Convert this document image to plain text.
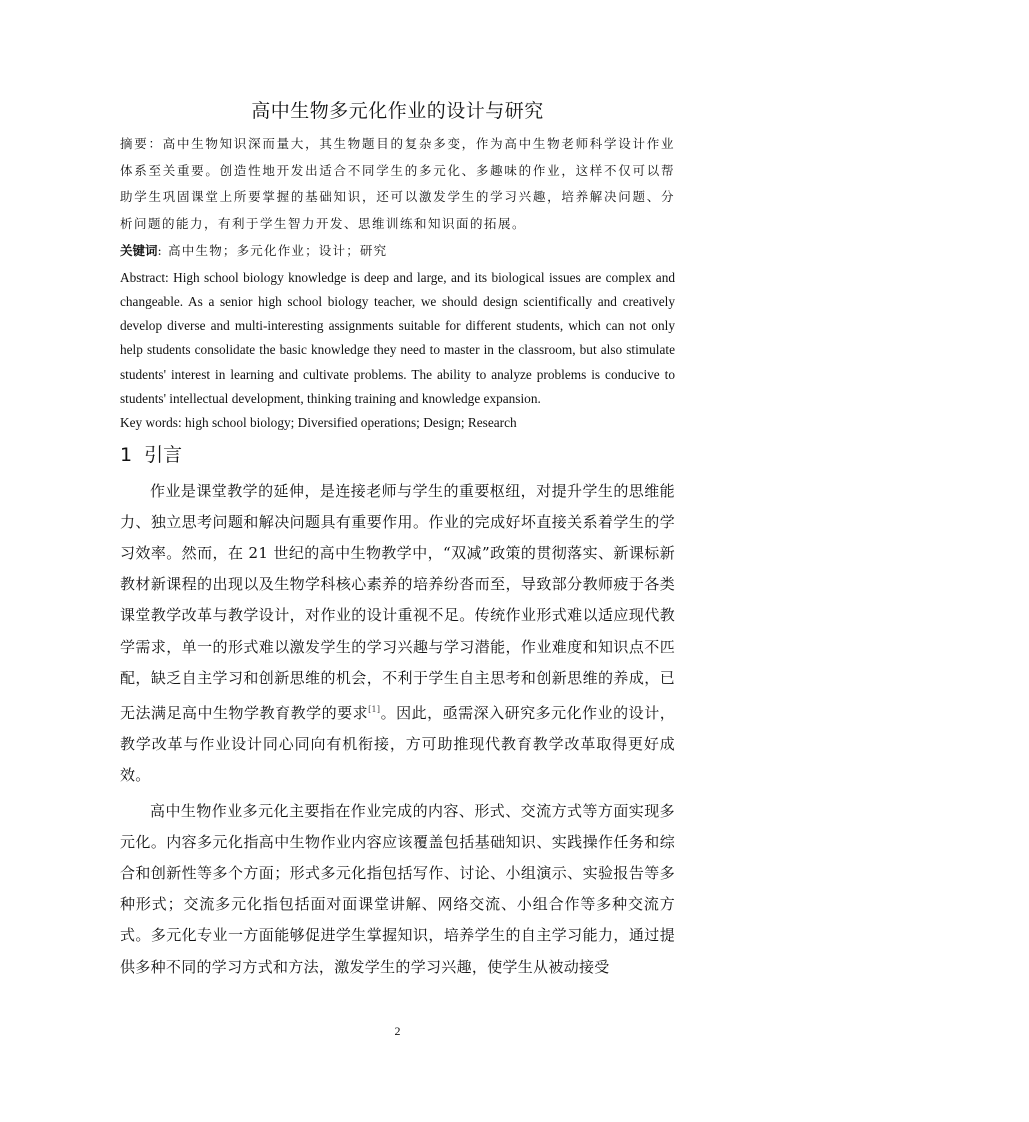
高中生物多元化作业的设计与研究
摘要：高中生物知识深而量大，其生物题目的复杂多变，作为高中生物老师科学设计作业体系至关重要。创造性地开发出适合不同学生的多元化、多趣味的作业，这样不仅可以帮助学生巩固课堂上所要掌握的基础知识，还可以激发学生的学习兴趣，培养解决问题、分析问题的能力，有利于学生智力开发、思维训练和知识面的拓展。
关键词: 高中生物；多元化作业；设计；研究
Abstract: High school biology knowledge is deep and large, and its biological issues are complex and changeable. As a senior high school biology teacher, we should design scientifically and creatively develop diverse and multi-interesting assignments suitable for different students, which can not only help students consolidate the basic knowledge they need to master in the classroom, but also stimulate students' interest in learning and cultivate problems. The ability to analyze problems is conducive to students' intellectual development, thinking training and knowledge expansion.
Key words: high school biology; Diversified operations; Design; Research
1 引言

作业是课堂教学的延伸，是连接老师与学生的重要枢纽，对提升学生的思维能力、独立思考问题和解决问题具有重要作用。作业的完成好坏直接关系着学生的学习效率。然而，在 21 世纪的高中生物教学中，“双减”政策的贯彻落实、新课标新教材新课程的出现以及生物学科核心素养的培养纷沓而至，导致部分教师疲于各类课堂教学改革与教学设计，对作业的设计重视不足。传统作业形式难以适应现代教学需求，单一的形式难以激发学生的学习兴趣与学习潜能，作业难度和知识点不匹配，缺乏自主学习和创新思维的机会，不利于学生自主思考和创新思维的养成，已无法满足高中生物学教育教学的要求[1]。因此，亟需深入研究多元化作业的设计，教学改革与作业设计同心同向有机衔接，方可助推现代教育教学改革取得更好成效。

高中生物作业多元化主要指在作业完成的内容、形式、交流方式等方面实现多元化。内容多元化指高中生物作业内容应该覆盖包括基础知识、实践操作任务和综合和创新性等多个方面；形式多元化指包括写作、讨论、小组演示、实验报告等多种形式；交流多元化指包括面对面课堂讲解、网络交流、小组合作等多种交流方式。多元化专业一方面能够促进学生掌握知识，培养学生的自主学习能力，通过提供多种不同的学习方式和方法，激发学生的学习兴趣，使学生从被动接受

2
